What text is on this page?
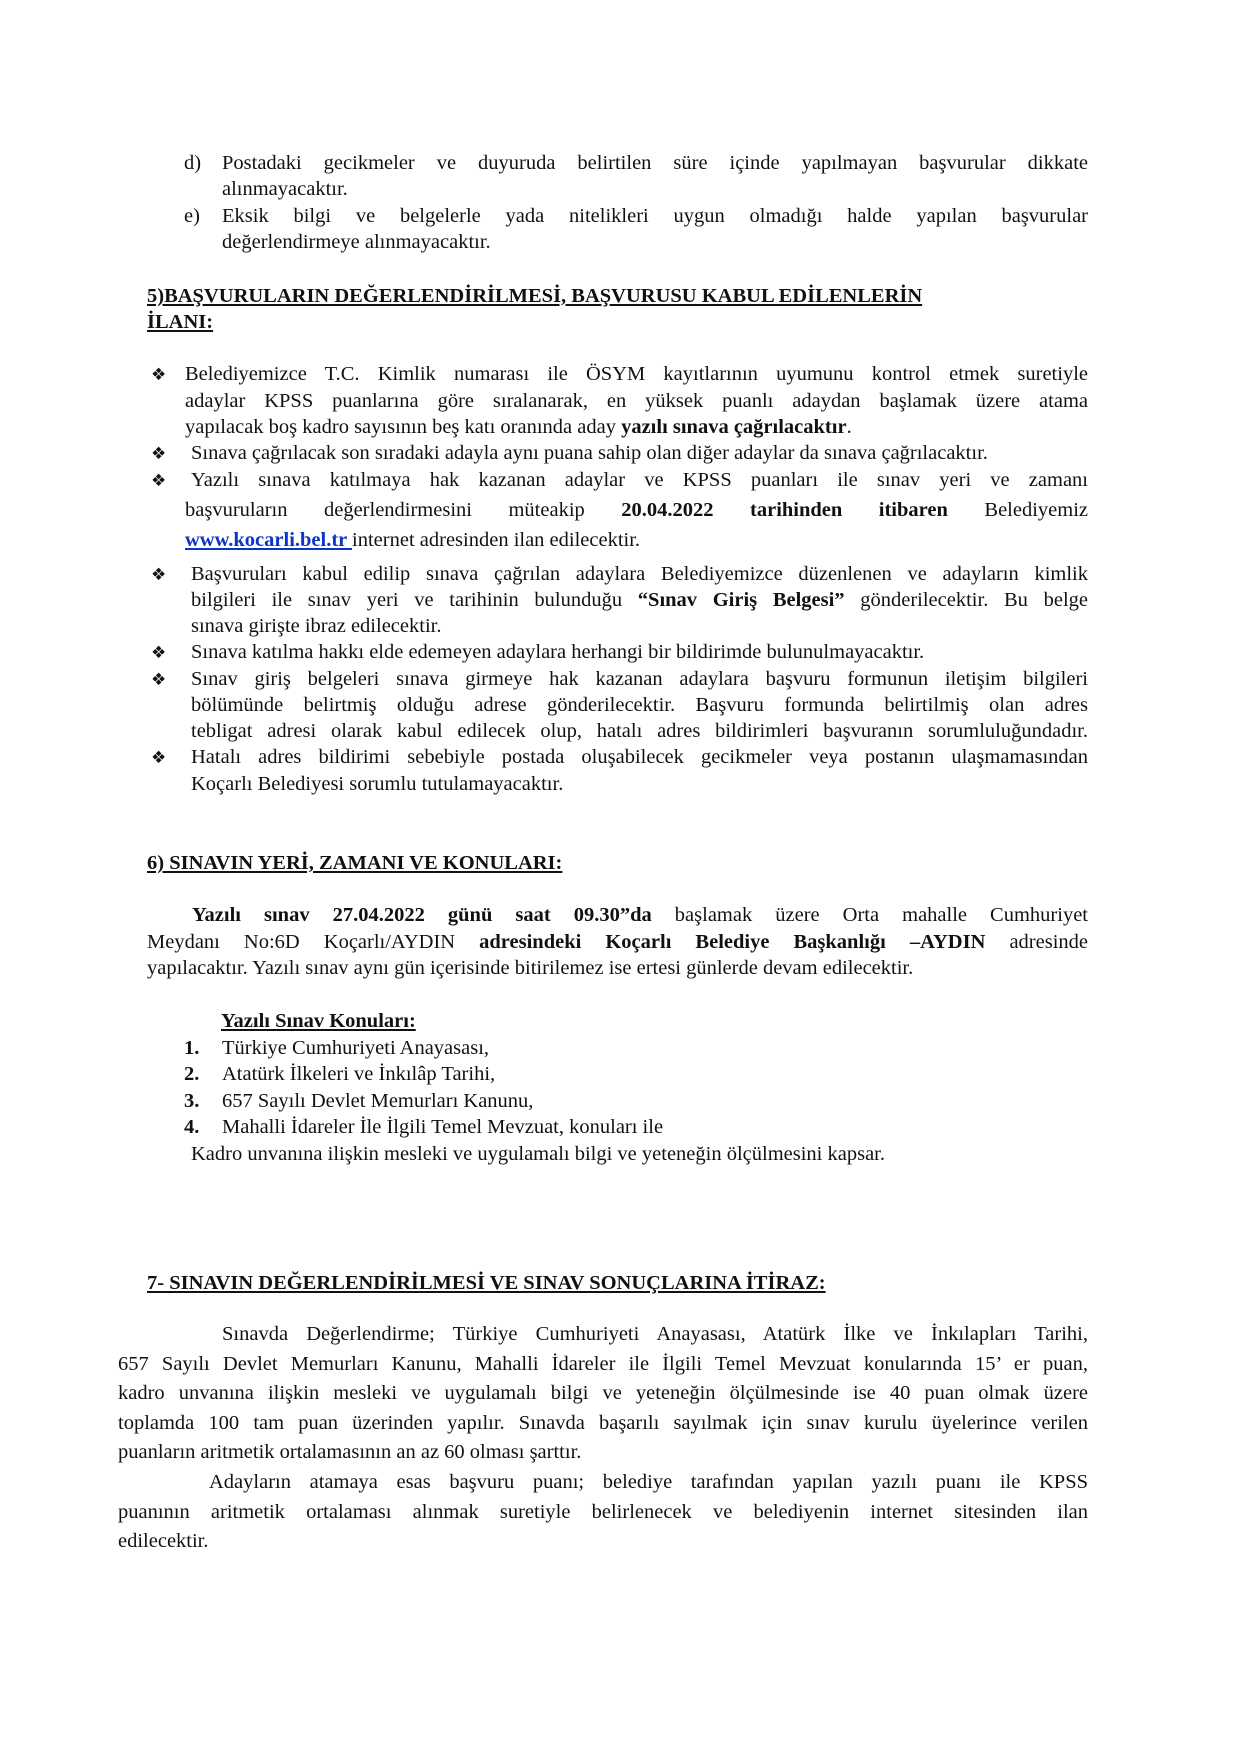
d) Postadaki gecikmeler ve duyuruda belirtilen süre içinde yapılmayan başvurular dikkate
alınmayacaktır.
e) Eksik bilgi ve belgelerle yada nitelikleri uygun olmadığı halde yapılan başvurular
değerlendirmeye alınmayacaktır.
5)BAŞVURULARIN DEĞERLENDİRİLMESİ, BAŞVURUSU KABUL EDİLENLERİN
İLANI:
❖ Belediyemizce T.C. Kimlik numarası ile ÖSYM kayıtlarının uyumunu kontrol etmek suretiyle
adaylar KPSS puanlarına göre sıralanarak, en yüksek puanlı adaydan başlamak üzere atama
yapılacak boş kadro sayısının beş katı oranında aday yazılı sınava çağrılacaktır.
❖ Sınava çağrılacak son sıradaki adayla aynı puana sahip olan diğer adaylar da sınava çağrılacaktır.
❖ Yazılı sınava katılmaya hak kazanan adaylar ve KPSS puanları ile sınav yeri ve zamanı
başvuruların değerlendirmesini müteakip 20.04.2022 tarihinden itibaren Belediyemiz
www.kocarli.bel.tr internet adresinden ilan edilecektir.
❖ Başvuruları kabul edilip sınava çağrılan adaylara Belediyemizce düzenlenen ve adayların kimlik
bilgileri ile sınav yeri ve tarihinin bulunduğu “Sınav Giriş Belgesi” gönderilecektir. Bu belge
sınava girişte ibraz edilecektir.
❖ Sınava katılma hakkı elde edemeyen adaylara herhangi bir bildirimde bulunulmayacaktır.
❖ Sınav giriş belgeleri sınava girmeye hak kazanan adaylara başvuru formunun iletişim bilgileri
bölümünde belirtmiş olduğu adrese gönderilecektir. Başvuru formunda belirtilmiş olan adres
tebligat adresi olarak kabul edilecek olup, hatalı adres bildirimleri başvuranın sorumluluğundadır.
❖ Hatalı adres bildirimi sebebiyle postada oluşabilecek gecikmeler veya postanın ulaşmamasından
Koçarlı Belediyesi sorumlu tutulamayacaktır.
6) SINAVIN YERİ, ZAMANI VE KONULARI:
Yazılı sınav 27.04.2022 günü saat 09.30”da başlamak üzere Orta mahalle Cumhuriyet
Meydanı No:6D Koçarlı/AYDIN adresindeki Koçarlı Belediye Başkanlığı –AYDIN adresinde
yapılacaktır. Yazılı sınav aynı gün içerisinde bitirilemez ise ertesi günlerde devam edilecektir.
Yazılı Sınav Konuları:
1. Türkiye Cumhuriyeti Anayasası,
2. Atatürk İlkeleri ve İnkılâp Tarihi,
3. 657 Sayılı Devlet Memurları Kanunu,
4. Mahalli İdareler İle İlgili Temel Mevzuat, konuları ile
Kadro unvanına ilişkin mesleki ve uygulamalı bilgi ve yeteneğin ölçülmesini kapsar.
7- SINAVIN DEĞERLENDİRİLMESİ VE SINAV SONUÇLARINA İTİRAZ:
Sınavda Değerlendirme; Türkiye Cumhuriyeti Anayasası, Atatürk İlke ve İnkılapları Tarihi,
657 Sayılı Devlet Memurları Kanunu, Mahalli İdareler ile İlgili Temel Mevzuat konularında 15’ er puan,
kadro unvanına ilişkin mesleki ve uygulamalı bilgi ve yeteneğin ölçülmesinde ise 40 puan olmak üzere
toplamda 100 tam puan üzerinden yapılır. Sınavda başarılı sayılmak için sınav kurulu üyelerince verilen
puanların aritmetik ortalamasının an az 60 olması şarttır.
Adayların atamaya esas başvuru puanı; belediye tarafından yapılan yazılı puanı ile KPSS
puanının aritmetik ortalaması alınmak suretiyle belirlenecek ve belediyenin internet sitesinden ilan
edilecektir.
